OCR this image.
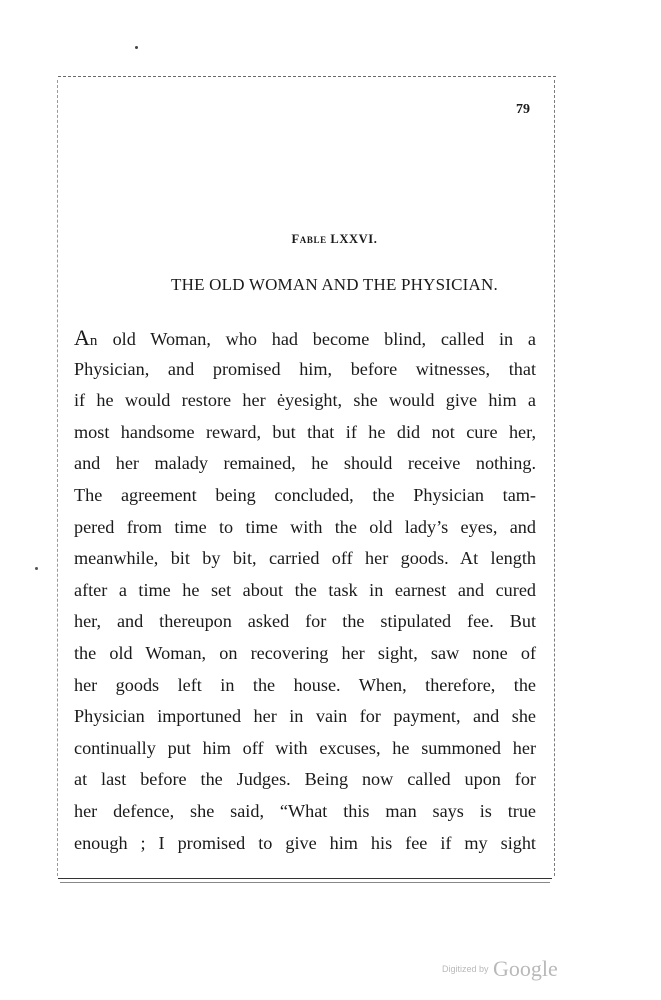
79
Fable LXXVI.
THE OLD WOMAN AND THE PHYSICIAN.
An old Woman, who had become blind, called in a
Physician, and promised him, before witnesses, that
if he would restore her ėyesight, she would give him a
most handsome reward, but that if he did not cure her,
and her malady remained, he should receive nothing.
The agreement being concluded, the Physician tam-
pered from time to time with the old lady’s eyes, and
meanwhile, bit by bit, carried off her goods. At length
after a time he set about the task in earnest and cured
her, and thereupon asked for the stipulated fee. But
the old Woman, on recovering her sight, saw none of
her goods left in the house. When, therefore, the
Physician importuned her in vain for payment, and she
continually put him off with excuses, he summoned her
at last before the Judges. Being now called upon for
her defence, she said, “What this man says is true
enough ; I promised to give him his fee if my sight
Digitized by Google
